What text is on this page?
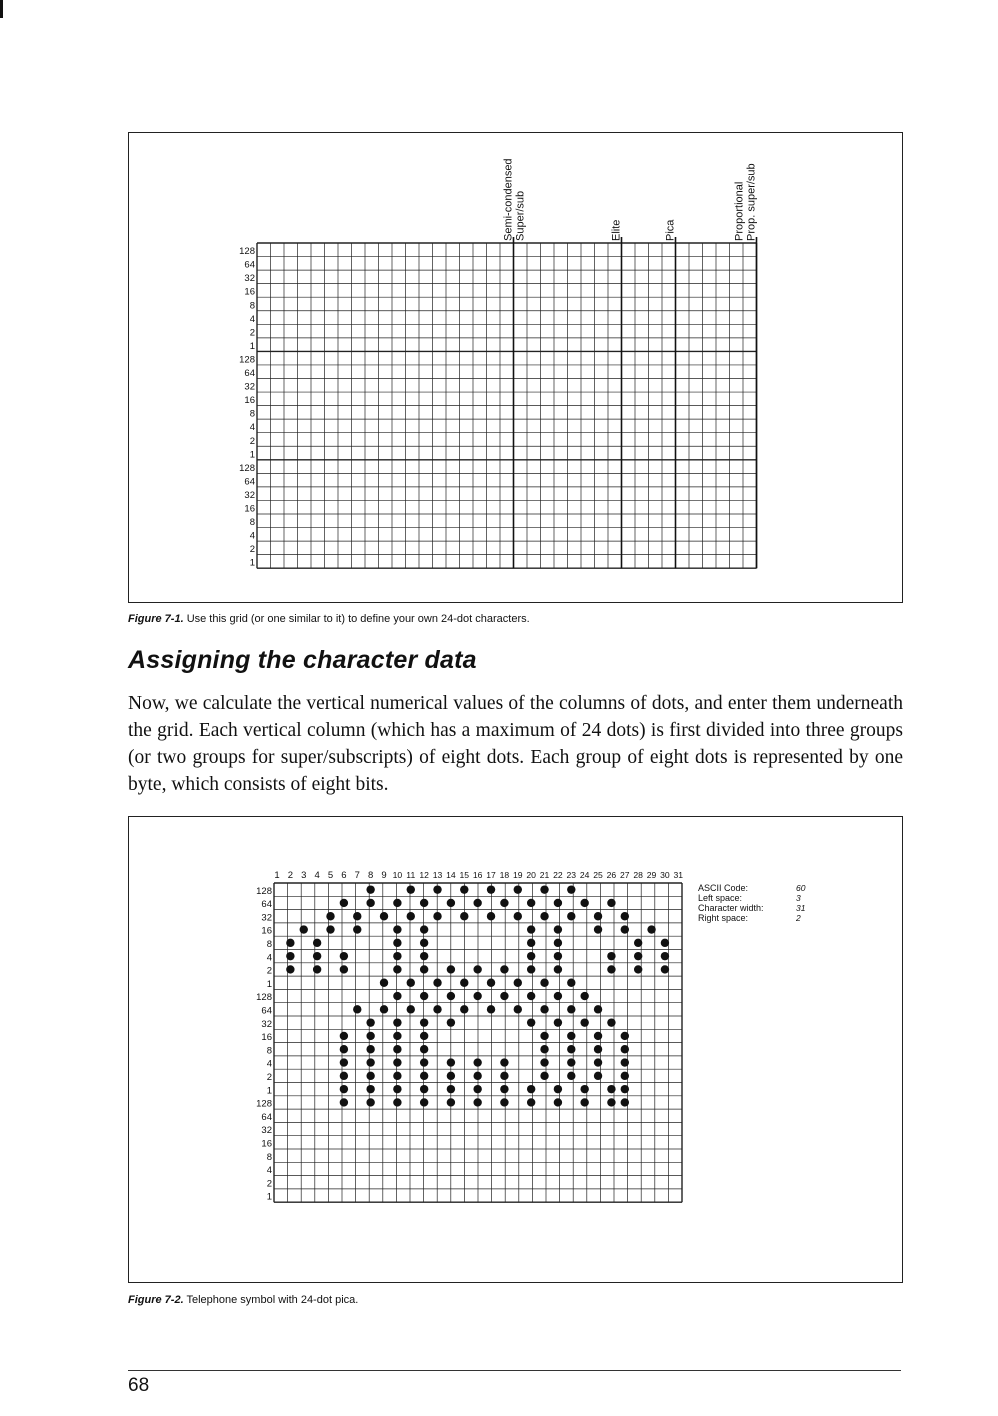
128
64
32
16
8
4
2
1
128
64
32
16
8
4
2
1
128
64
32
16
8
4
2
1
Semi-condensed Super/sub	Elite	Pica	Proportional Prop. super/sub
Figure 7-1. Use this grid (or one similar to it) to define your own 24-dot characters.
Assigning the character data

Now, we calculate the vertical numerical values of the columns of dots, and enter them underneath the grid. Each vertical column (which has a maximum of 24 dots) is first divided into three groups (or two groups for super/subscripts) of eight dots. Each group of eight dots is represented by one byte, which consists of eight bits.

128
64
32
16
8
4
2
1
128
64
32
16
8
4
2
1
128
64
32
16
8
4
2
1
1 2 3 4 5 6 7 8 9 10 11 12 13 14 15 16 17 18 19 20 21 22 23 24 25 26 27 28 29 30 31
ASCII Code:	60
Left space:	3
Character width:	31
Right space:	2
Figure 7-2. Telephone symbol with 24-dot pica.
68
